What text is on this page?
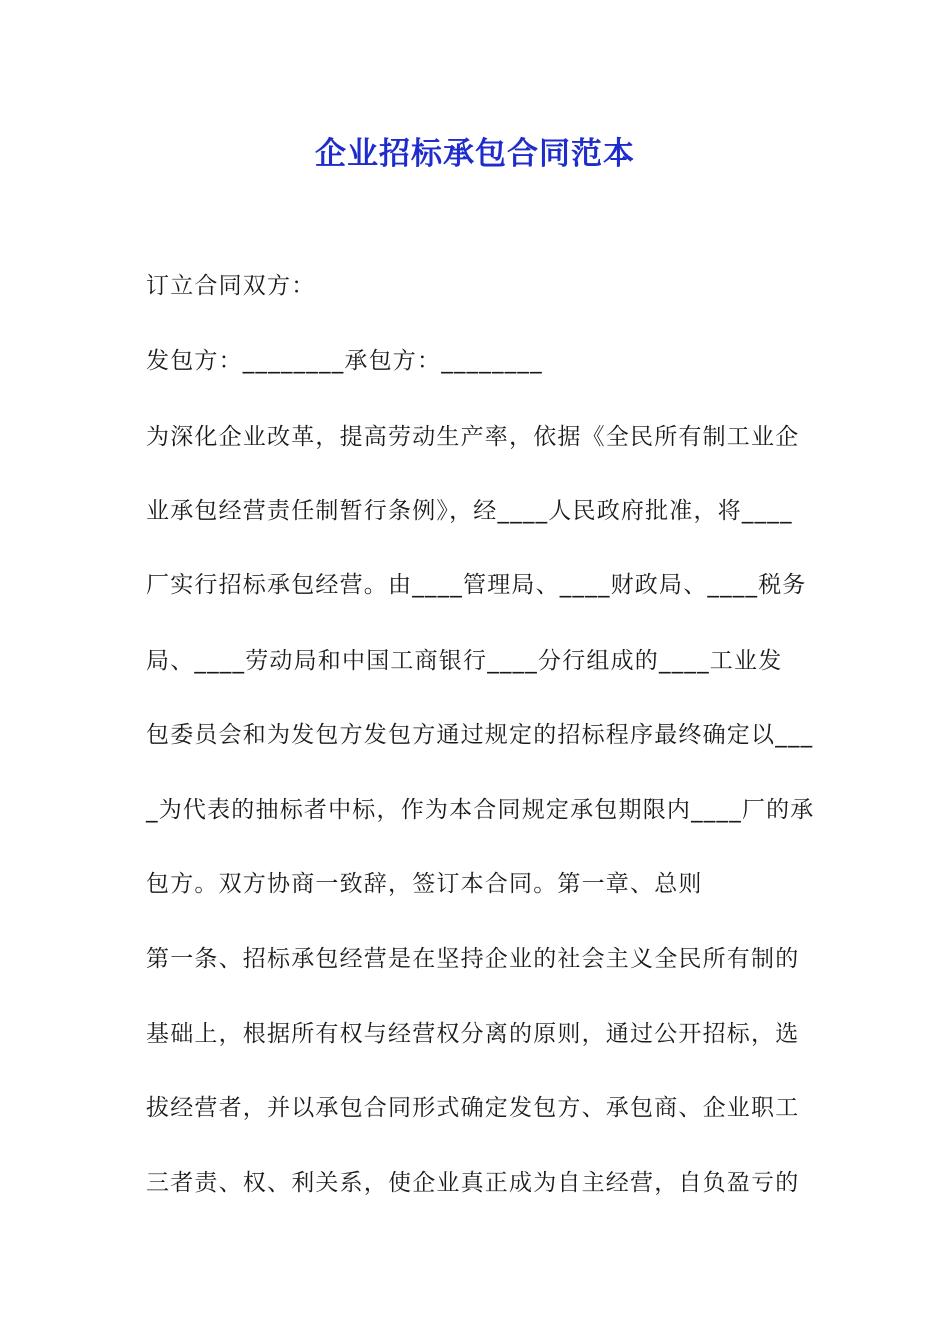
企业招标承包合同范本
订立合同双方：
发包方：________承包方：________
为深化企业改革，提高劳动生产率，依据《全民所有制工业企
业承包经营责任制暂行条例》，经____人民政府批准，将____
厂实行招标承包经营。由____管理局、____财政局、____税务
局、____劳动局和中国工商银行____分行组成的____工业发
包委员会和为发包方发包方通过规定的招标程序最终确定以___
_为代表的抽标者中标，作为本合同规定承包期限内____厂的承
包方。双方协商一致辞，签订本合同。第一章、总则
第一条、招标承包经营是在坚持企业的社会主义全民所有制的
基础上，根据所有权与经营权分离的原则，通过公开招标，选
拔经营者，并以承包合同形式确定发包方、承包商、企业职工
三者责、权、利关系，使企业真正成为自主经营，自负盈亏的
